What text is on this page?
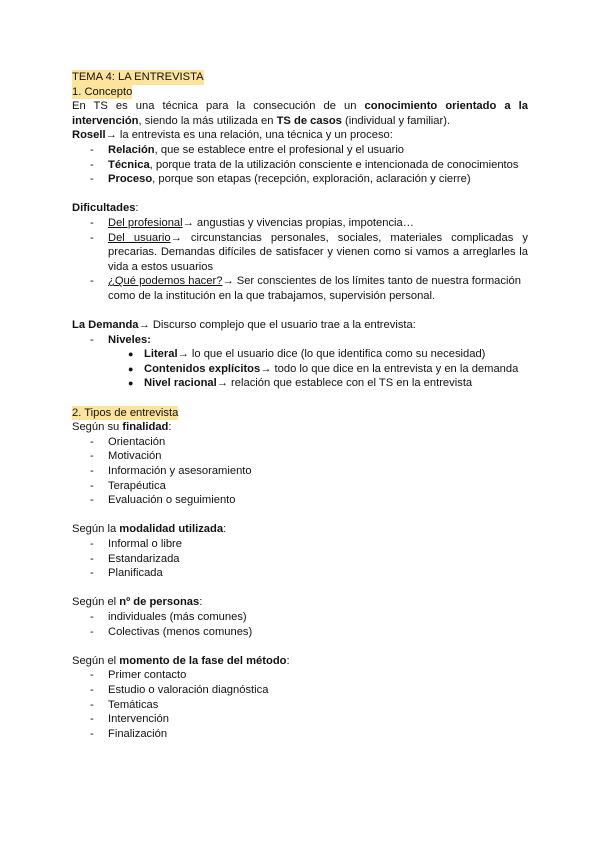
TEMA 4: LA ENTREVISTA
1. Concepto
En TS es una técnica para la consecución de un conocimiento orientado a la intervención, siendo la más utilizada en TS de casos (individual y familiar).
Rosell→ la entrevista es una relación, una técnica y un proceso:
- Relación, que se establece entre el profesional y el usuario
- Técnica, porque trata de la utilización consciente e intencionada de conocimientos
- Proceso, porque son etapas (recepción, exploración, aclaración y cierre)
Dificultades:
- Del profesional→ angustias y vivencias propias, impotencia…
- Del usuario→ circunstancias personales, sociales, materiales complicadas y precarias. Demandas difíciles de satisfacer y vienen como si vamos a arreglarles la vida a estos usuarios
- ¿Qué podemos hacer?→ Ser conscientes de los límites tanto de nuestra formación como de la institución en la que trabajamos, supervisión personal.
La Demanda→ Discurso complejo que el usuario trae a la entrevista:
- Niveles:
● Literal→ lo que el usuario dice (lo que identifica como su necesidad)
● Contenidos explícitos→ todo lo que dice en la entrevista y en la demanda
● Nivel racional→ relación que establece con el TS en la entrevista
2. Tipos de entrevista
Según su finalidad:
- Orientación
- Motivación
- Información y asesoramiento
- Terapéutica
- Evaluación o seguimiento
Según la modalidad utilizada:
- Informal o libre
- Estandarizada
- Planificada
Según el nº de personas:
- individuales (más comunes)
- Colectivas (menos comunes)
Según el momento de la fase del método:
- Primer contacto
- Estudio o valoración diagnóstica
- Temáticas
- Intervención
- Finalización
